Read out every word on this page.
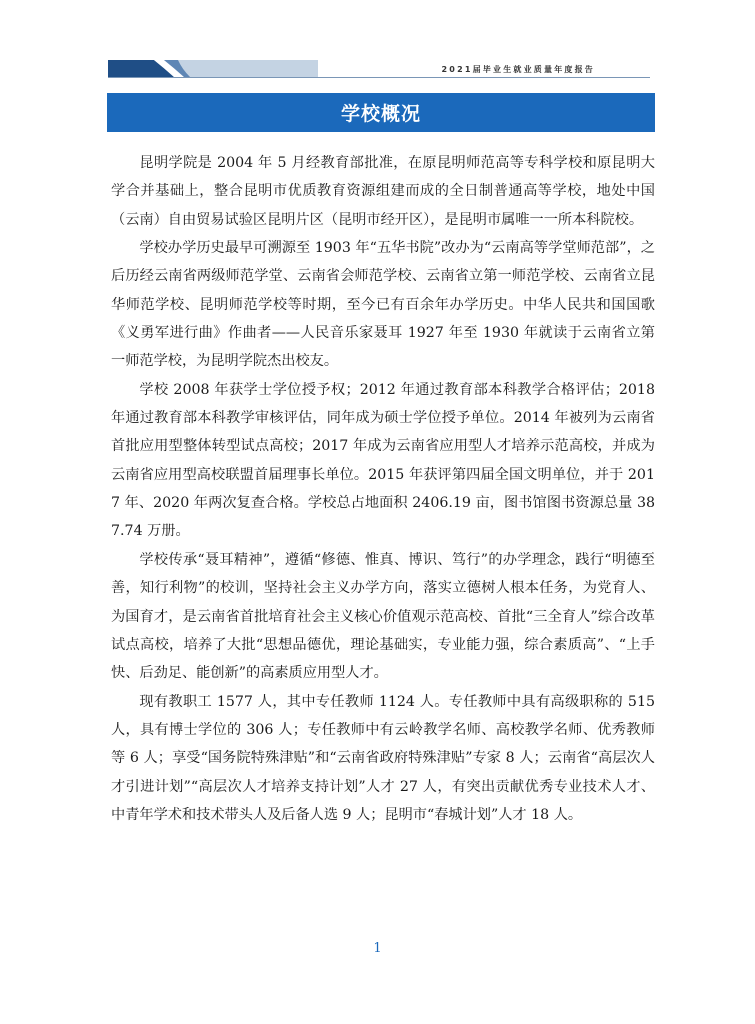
2021届毕业生就业质量年度报告
学校概况

昆明学院是 2004 年 5 月经教育部批准，在原昆明师范高等专科学校和原昆明大学合并基础上，整合昆明市优质教育资源组建而成的全日制普通高等学校，地处中国（云南）自由贸易试验区昆明片区（昆明市经开区），是昆明市属唯一一所本科院校。

学校办学历史最早可溯源至 1903 年“五华书院”改办为“云南高等学堂师范部”，之后历经云南省两级师范学堂、云南省会师范学校、云南省立第一师范学校、云南省立昆华师范学校、昆明师范学校等时期，至今已有百余年办学历史。中华人民共和国国歌《义勇军进行曲》作曲者——人民音乐家聂耳 1927 年至 1930 年就读于云南省立第一师范学校，为昆明学院杰出校友。

学校 2008 年获学士学位授予权；2012 年通过教育部本科教学合格评估；2018 年通过教育部本科教学审核评估，同年成为硕士学位授予单位。2014 年被列为云南省首批应用型整体转型试点高校；2017 年成为云南省应用型人才培养示范高校，并成为云南省应用型高校联盟首届理事长单位。2015 年获评第四届全国文明单位，并于 2017 年、2020 年两次复查合格。学校总占地面积 2406.19 亩，图书馆图书资源总量 387.74 万册。

学校传承“聂耳精神”，遵循“修德、惟真、博识、笃行”的办学理念，践行“明德至善，知行利物”的校训，坚持社会主义办学方向，落实立德树人根本任务，为党育人、为国育才，是云南省首批培育社会主义核心价值观示范高校、首批“三全育人”综合改革试点高校，培养了大批“思想品德优，理论基础实，专业能力强，综合素质高”、“上手快、后劲足、能创新”的高素质应用型人才。

现有教职工 1577 人，其中专任教师 1124 人。专任教师中具有高级职称的 515 人，具有博士学位的 306 人；专任教师中有云岭教学名师、高校教学名师、优秀教师等 6 人；享受“国务院特殊津贴”和“云南省政府特殊津贴”专家 8 人；云南省“高层次人才引进计划”“高层次人才培养支持计划”人才 27 人，有突出贡献优秀专业技术人才、中青年学术和技术带头人及后备人选 9 人；昆明市“春城计划”人才 18 人。

1
